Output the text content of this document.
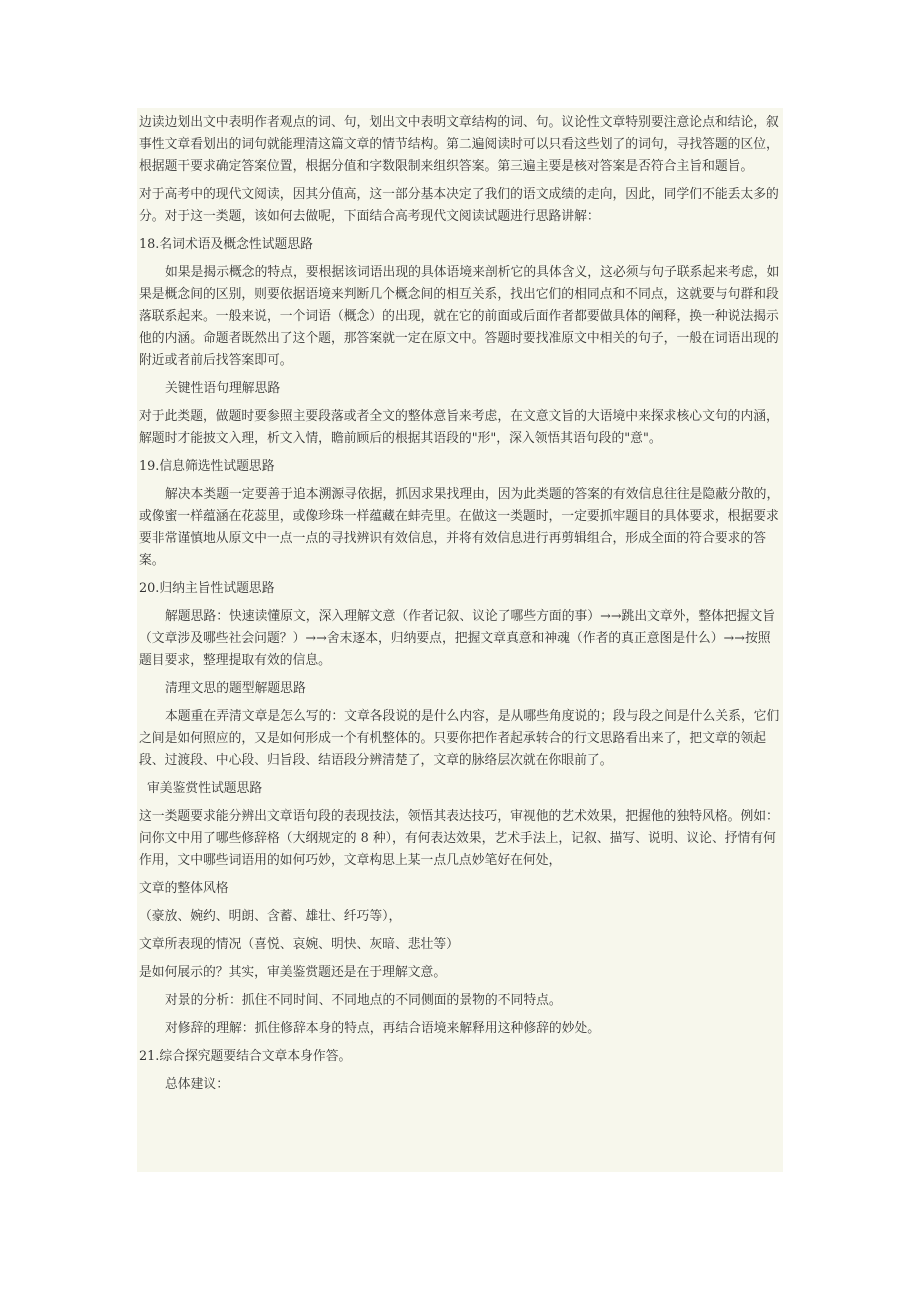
边读边划出文中表明作者观点的词、句，划出文中表明文章结构的词、句。议论性文章特别要注意论点和结论，叙事性文章看划出的词句就能理清这篇文章的情节结构。第二遍阅读时可以只看这些划了的词句，寻找答题的区位，根据题干要求确定答案位置，根据分值和字数限制来组织答案。第三遍主要是核对答案是否符合主旨和题旨。

对于高考中的现代文阅读，因其分值高，这一部分基本决定了我们的语文成绩的走向，因此，同学们不能丢太多的分。对于这一类题，该如何去做呢，下面结合高考现代文阅读试题进行思路讲解：

18.名词术语及概念性试题思路

如果是揭示概念的特点，要根据该词语出现的具体语境来剖析它的具体含义，这必须与句子联系起来考虑，如果是概念间的区别，则要依据语境来判断几个概念间的相互关系，找出它们的相同点和不同点，这就要与句群和段落联系起来。一般来说，一个词语（概念）的出现，就在它的前面或后面作者都要做具体的阐释，换一种说法揭示他的内涵。命题者既然出了这个题，那答案就一定在原文中。答题时要找准原文中相关的句子，一般在词语出现的附近或者前后找答案即可。

关键性语句理解思路

对于此类题，做题时要参照主要段落或者全文的整体意旨来考虑，在文意文旨的大语境中来探求核心文句的内涵，解题时才能披文入理，析文入情，瞻前顾后的根据其语段的"形"，深入领悟其语句段的"意"。

19.信息筛选性试题思路

解决本类题一定要善于追本溯源寻依据，抓因求果找理由，因为此类题的答案的有效信息往往是隐蔽分散的，或像蜜一样蕴涵在花蕊里，或像珍珠一样蕴藏在蚌壳里。在做这一类题时，一定要抓牢题目的具体要求，根据要求要非常谨慎地从原文中一点一点的寻找辨识有效信息，并将有效信息进行再剪辑组合，形成全面的符合要求的答案。

20.归纳主旨性试题思路

解题思路：快速读懂原文，深入理解文意（作者记叙、议论了哪些方面的事）→→跳出文章外，整体把握文旨（文章涉及哪些社会问题？）→→舍末逐本，归纳要点，把握文章真意和神魂（作者的真正意图是什么）→→按照题目要求，整理提取有效的信息。

清理文思的题型解题思路

本题重在弄清文章是怎么写的：文章各段说的是什么内容，是从哪些角度说的；段与段之间是什么关系，它们之间是如何照应的，又是如何形成一个有机整体的。只要你把作者起承转合的行文思路看出来了，把文章的领起段、过渡段、中心段、归旨段、结语段分辨清楚了，文章的脉络层次就在你眼前了。

审美鉴赏性试题思路

这一类题要求能分辨出文章语句段的表现技法，领悟其表达技巧，审视他的艺术效果，把握他的独特风格。例如：问你文中用了哪些修辞格（大纲规定的 8 种），有何表达效果，艺术手法上，记叙、描写、说明、议论、抒情有何作用，文中哪些词语用的如何巧妙，文章构思上某一点几点妙笔好在何处，

文章的整体风格

（豪放、婉约、明朗、含蓄、雄壮、纤巧等），

文章所表现的情况（喜悦、哀婉、明快、灰暗、悲壮等）

是如何展示的？其实，审美鉴赏题还是在于理解文意。

对景的分析：抓住不同时间、不同地点的不同侧面的景物的不同特点。

对修辞的理解：抓住修辞本身的特点，再结合语境来解释用这种修辞的妙处。

21.综合探究题要结合文章本身作答。

总体建议：
